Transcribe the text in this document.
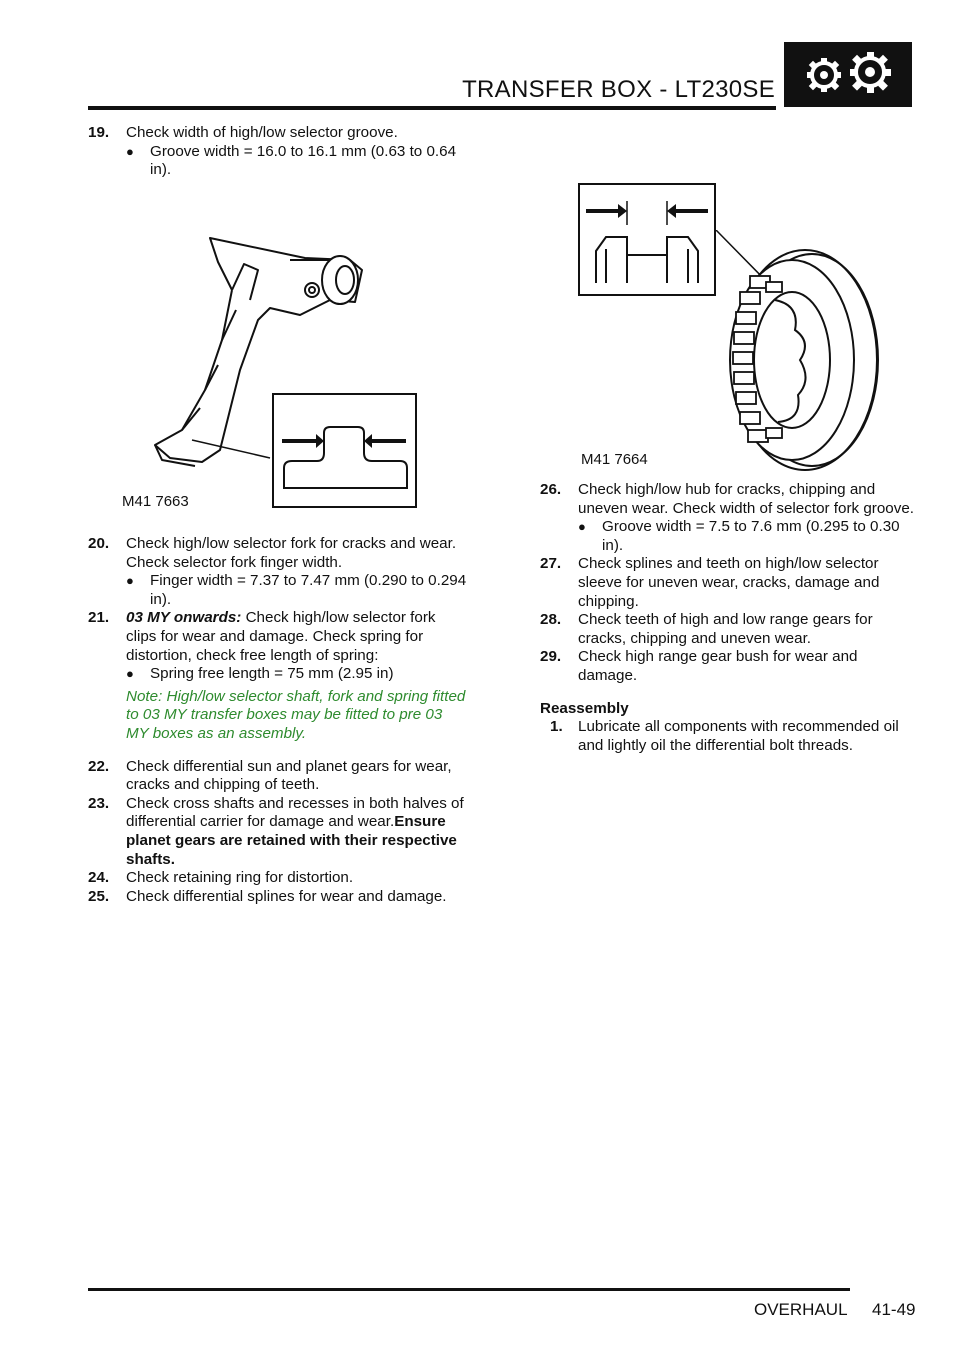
TRANSFER BOX - LT230SE
19.	Check width of high/low selector groove.
●	Groove width = 16.0 to 16.1 mm (0.63 to 0.64 in).
M41 7663
20.	Check high/low selector fork for cracks and wear. Check selector fork finger width.
●	Finger width = 7.37 to 7.47 mm (0.290 to 0.294 in).
21.	03 MY onwards: Check high/low selector fork clips for wear and damage. Check spring for distortion, check free length of spring:
●	Spring free length = 75 mm (2.95 in)
Note: High/low selector shaft, fork and spring fitted to 03 MY transfer boxes may be fitted to pre 03 MY boxes as an assembly.
22.	Check differential sun and planet gears for wear, cracks and chipping of teeth.
23.	Check cross shafts and recesses in both halves of differential carrier for damage and wear.Ensure planet gears are retained with their respective shafts.
24.	Check retaining ring for distortion.
25.	Check differential splines for wear and damage.
M41 7664
26.	Check high/low hub for cracks, chipping and uneven wear. Check width of selector fork groove.
●	Groove width = 7.5 to 7.6 mm (0.295 to 0.30 in).
27.	Check splines and teeth on high/low selector sleeve for uneven wear, cracks, damage and chipping.
28.	Check teeth of high and low range gears for cracks, chipping and uneven wear.
29.	Check high range gear bush for wear and damage.
Reassembly
1.	Lubricate all components with recommended oil and lightly oil the differential bolt threads.
OVERHAUL 41-49
